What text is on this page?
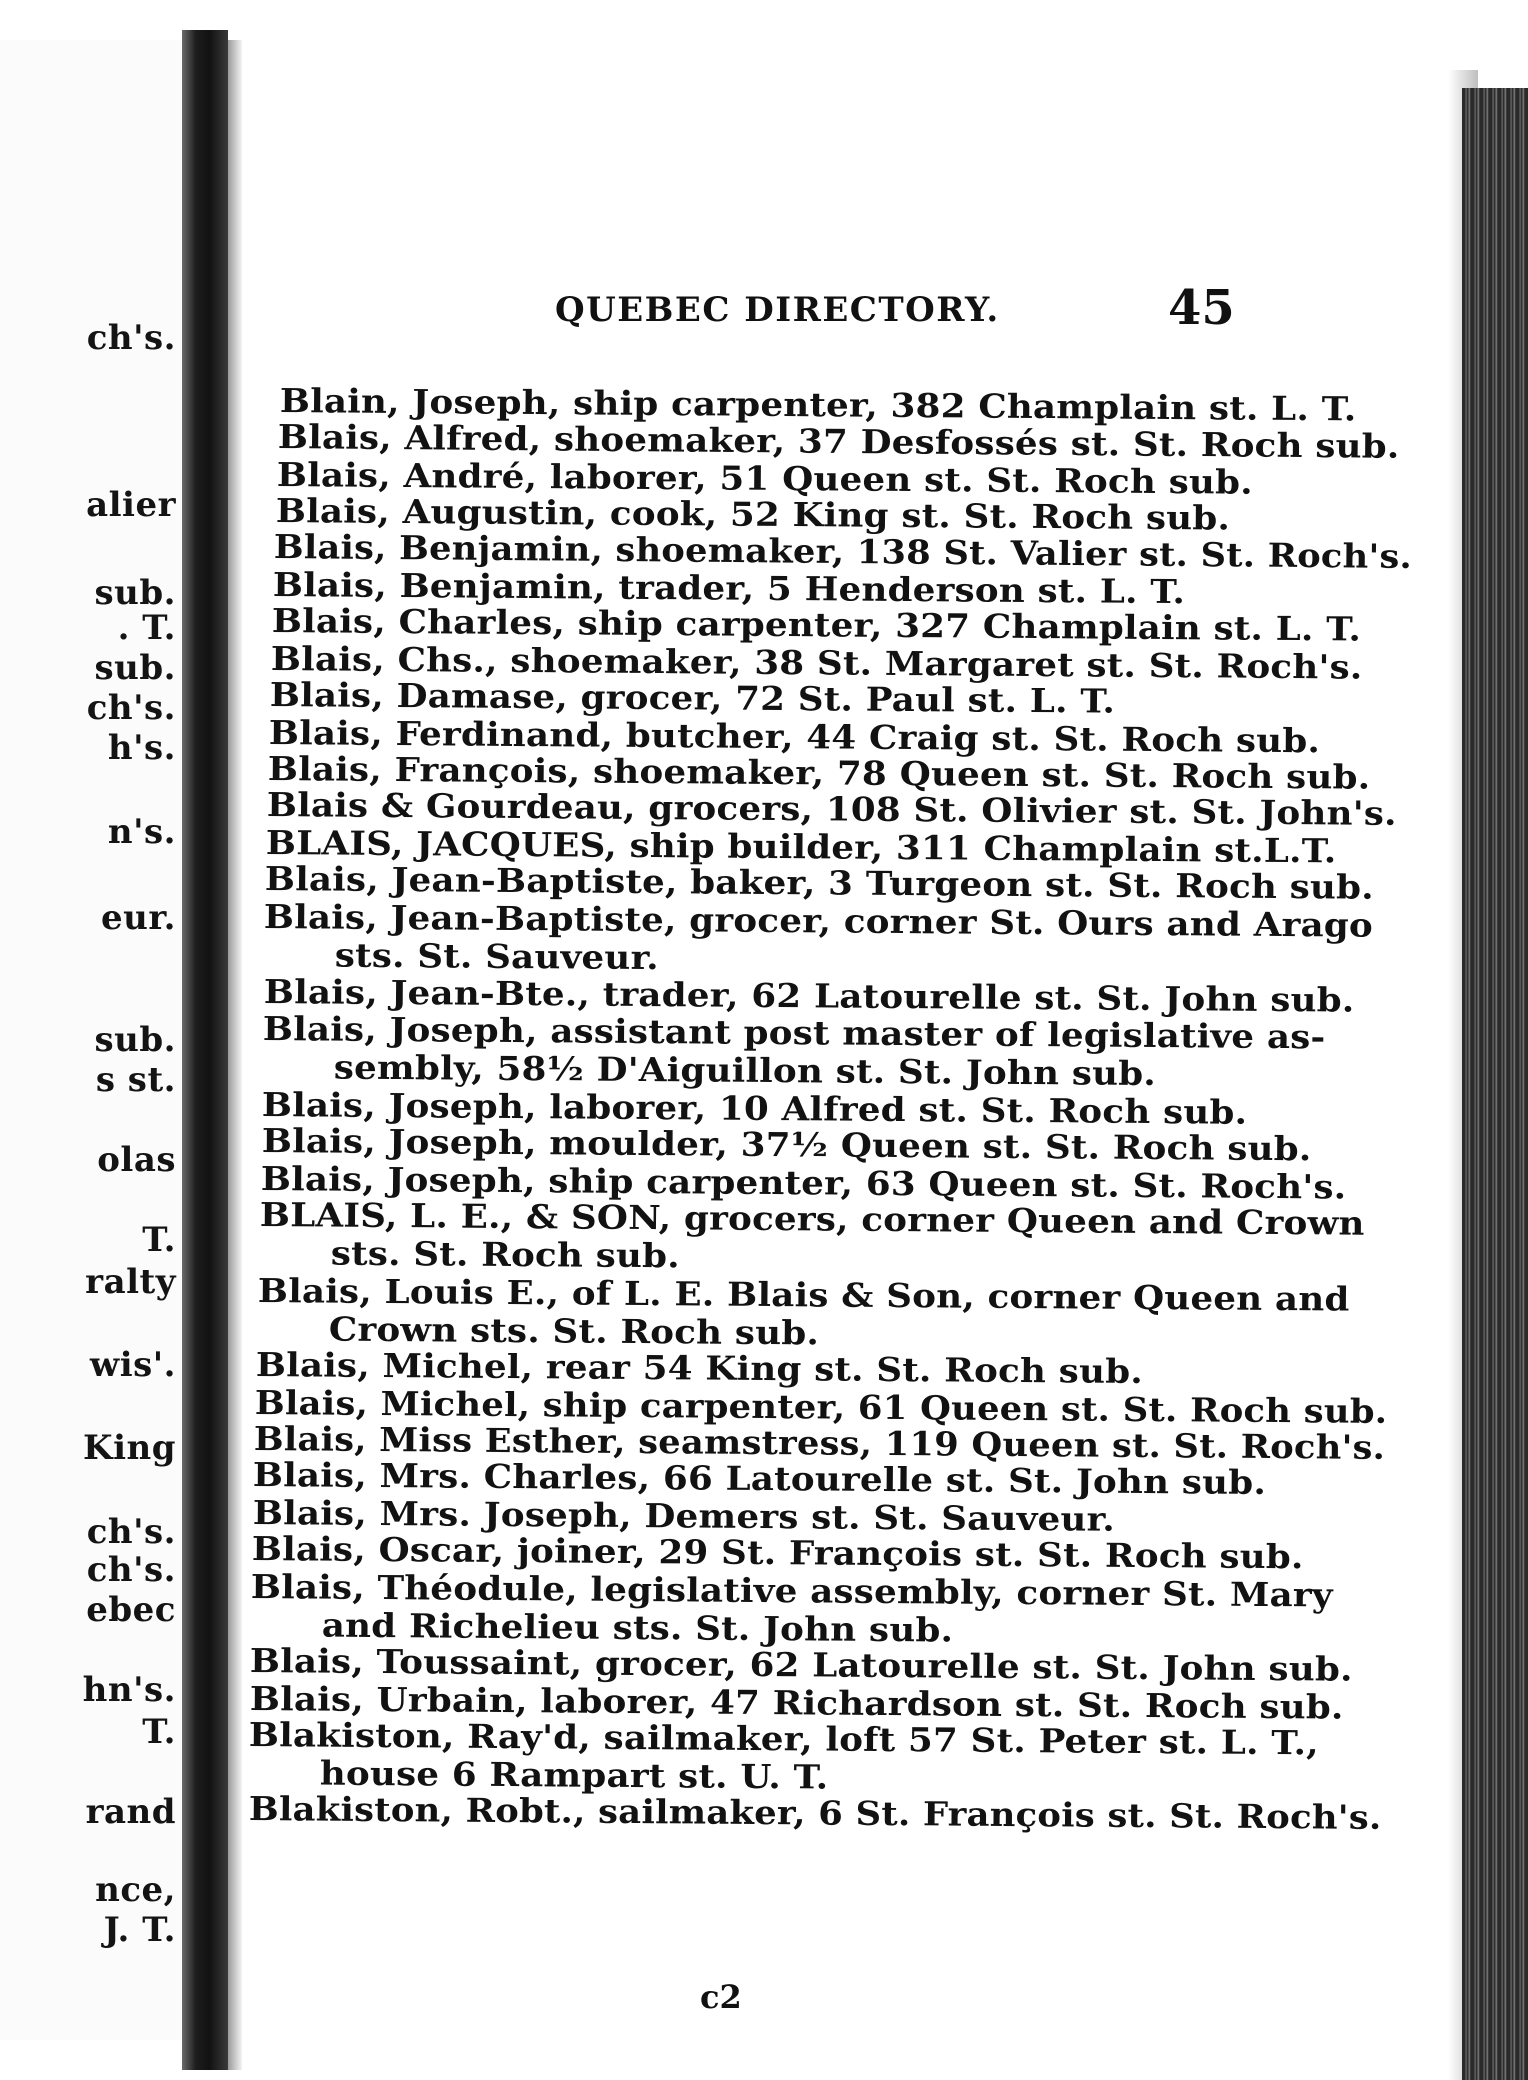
ch's.
alier
sub.
. T.
sub.
ch's.
h's.
n's.
eur.
sub.
s st.
olas
T.
ralty
wis'.
King
ch's.
ch's.
ebec
hn's.
T.
rand
nce,
J. T.
QUEBEC DIRECTORY.	45
Blain, Joseph, ship carpenter, 382 Champlain st. L. T.
Blais, Alfred, shoemaker, 37 Desfossés st. St. Roch sub.
Blais, André, laborer, 51 Queen st. St. Roch sub.
Blais, Augustin, cook, 52 King st. St. Roch sub.
Blais, Benjamin, shoemaker, 138 St. Valier st. St. Roch's.
Blais, Benjamin, trader, 5 Henderson st. L. T.
Blais, Charles, ship carpenter, 327 Champlain st. L. T.
Blais, Chs., shoemaker, 38 St. Margaret st. St. Roch's.
Blais, Damase, grocer, 72 St. Paul st. L. T.
Blais, Ferdinand, butcher, 44 Craig st. St. Roch sub.
Blais, François, shoemaker, 78 Queen st. St. Roch sub.
Blais & Gourdeau, grocers, 108 St. Olivier st. St. John's.
BLAIS, JACQUES, ship builder, 311 Champlain st.L.T.
Blais, Jean-Baptiste, baker, 3 Turgeon st. St. Roch sub.
Blais, Jean-Baptiste, grocer, corner St. Ours and Arago
sts. St. Sauveur.
Blais, Jean-Bte., trader, 62 Latourelle st. St. John sub.
Blais, Joseph, assistant post master of legislative as-
sembly, 58½ D'Aiguillon st. St. John sub.
Blais, Joseph, laborer, 10 Alfred st. St. Roch sub.
Blais, Joseph, moulder, 37½ Queen st. St. Roch sub.
Blais, Joseph, ship carpenter, 63 Queen st. St. Roch's.
BLAIS, L. E., & SON, grocers, corner Queen and Crown
sts. St. Roch sub.
Blais, Louis E., of L. E. Blais & Son, corner Queen and
Crown sts. St. Roch sub.
Blais, Michel, rear 54 King st. St. Roch sub.
Blais, Michel, ship carpenter, 61 Queen st. St. Roch sub.
Blais, Miss Esther, seamstress, 119 Queen st. St. Roch's.
Blais, Mrs. Charles, 66 Latourelle st. St. John sub.
Blais, Mrs. Joseph, Demers st. St. Sauveur.
Blais, Oscar, joiner, 29 St. François st. St. Roch sub.
Blais, Théodule, legislative assembly, corner St. Mary
and Richelieu sts. St. John sub.
Blais, Toussaint, grocer, 62 Latourelle st. St. John sub.
Blais, Urbain, laborer, 47 Richardson st. St. Roch sub.
Blakiston, Ray'd, sailmaker, loft 57 St. Peter st. L. T.,
house 6 Rampart st. U. T.
Blakiston, Robt., sailmaker, 6 St. François st. St. Roch's.
c2
